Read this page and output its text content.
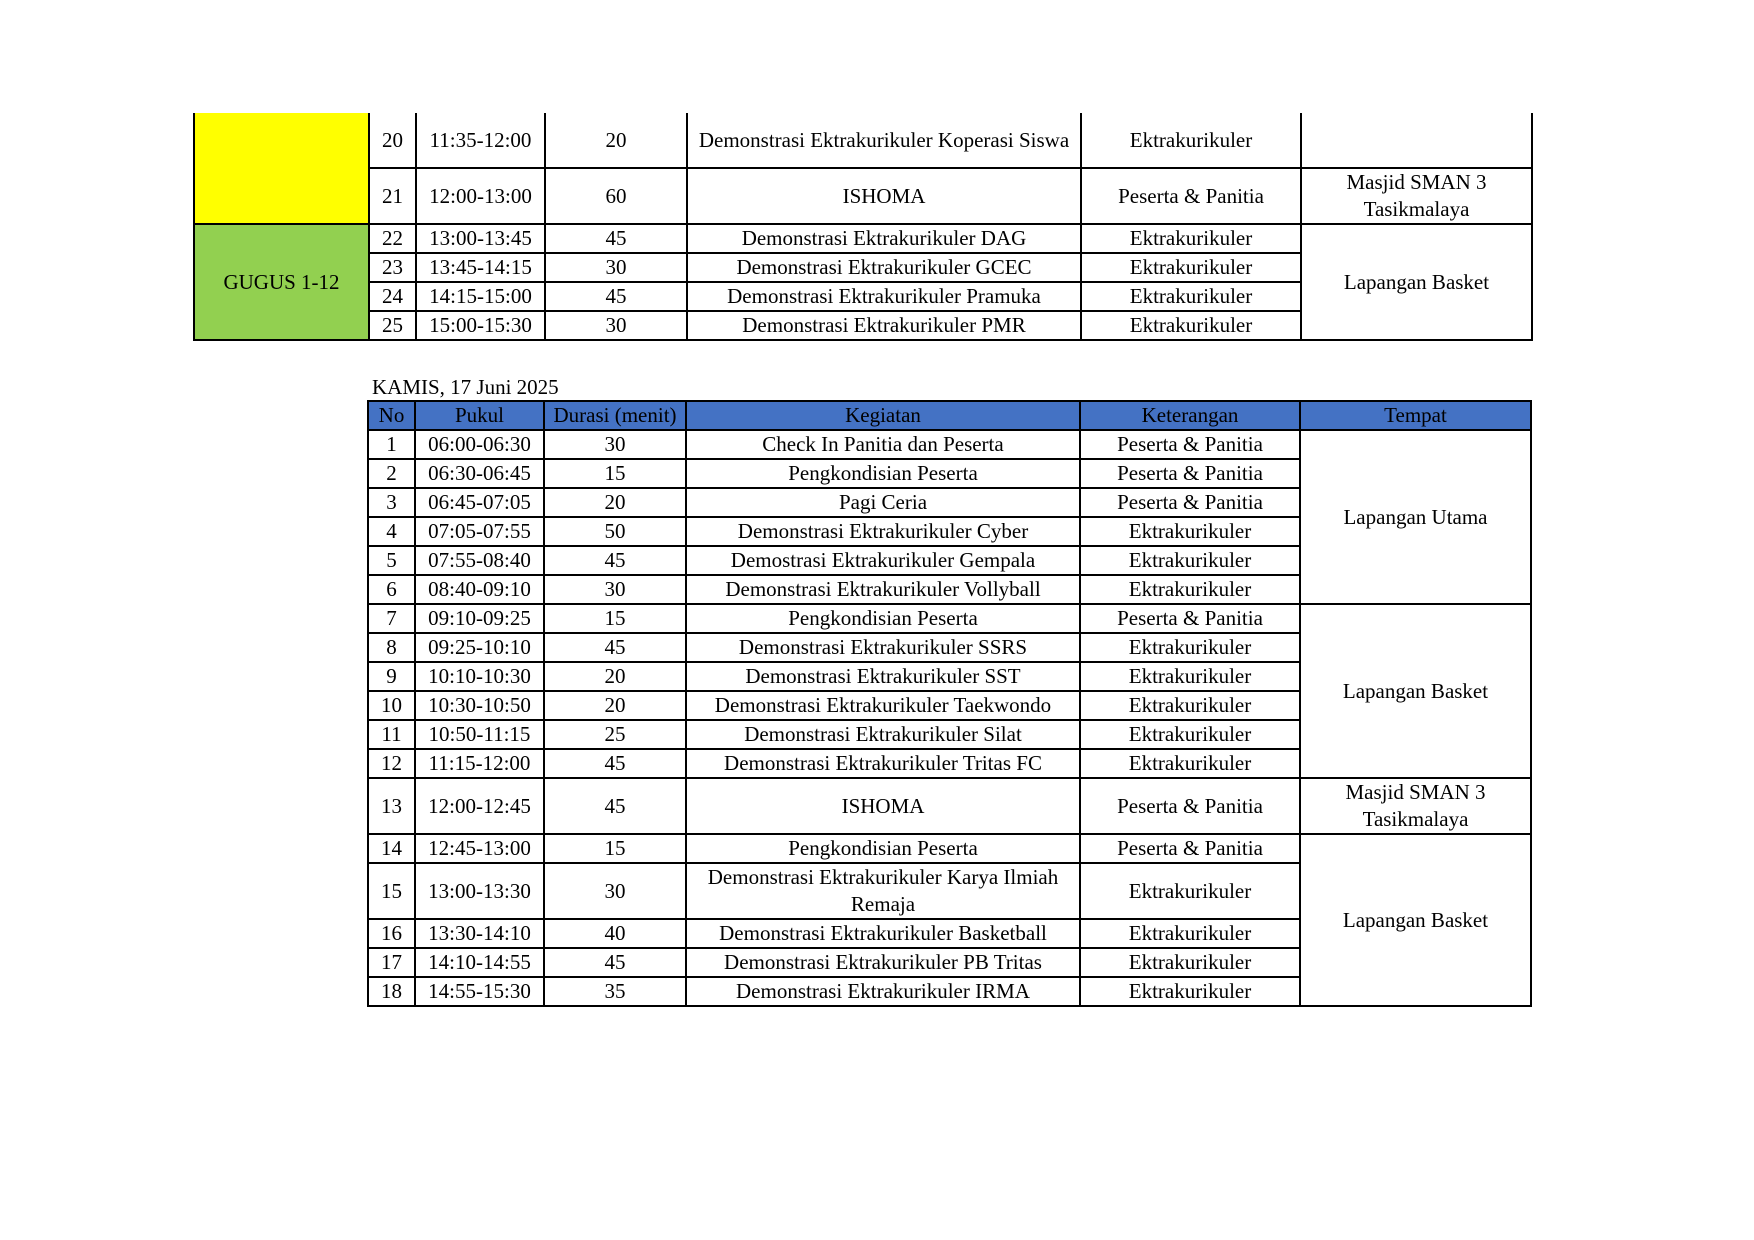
	20	11:35-12:00	20	Demonstrasi Ektrakurikuler Koperasi Siswa	Ektrakurikuler	
	21	12:00-13:00	60	ISHOMA	Peserta & Panitia	Masjid SMAN 3 Tasikmalaya
GUGUS 1-12	22	13:00-13:45	45	Demonstrasi Ektrakurikuler DAG	Ektrakurikuler	Lapangan Basket
	23	13:45-14:15	30	Demonstrasi Ektrakurikuler GCEC	Ektrakurikuler	
	24	14:15-15:00	45	Demonstrasi Ektrakurikuler Pramuka	Ektrakurikuler	
	25	15:00-15:30	30	Demonstrasi Ektrakurikuler PMR	Ektrakurikuler	
KAMIS, 17 Juni 2025
No	Pukul	Durasi (menit)	Kegiatan	Keterangan	Tempat
1	06:00-06:30	30	Check In Panitia dan Peserta	Peserta & Panitia	Lapangan Utama
2	06:30-06:45	15	Pengkondisian Peserta	Peserta & Panitia	
3	06:45-07:05	20	Pagi Ceria	Peserta & Panitia	
4	07:05-07:55	50	Demonstrasi Ektrakurikuler Cyber	Ektrakurikuler	
5	07:55-08:40	45	Demostrasi Ektrakurikuler Gempala	Ektrakurikuler	
6	08:40-09:10	30	Demonstrasi Ektrakurikuler Vollyball	Ektrakurikuler	
7	09:10-09:25	15	Pengkondisian Peserta	Peserta & Panitia	Lapangan Basket
8	09:25-10:10	45	Demonstrasi Ektrakurikuler SSRS	Ektrakurikuler	
9	10:10-10:30	20	Demonstrasi Ektrakurikuler SST	Ektrakurikuler	
10	10:30-10:50	20	Demonstrasi Ektrakurikuler Taekwondo	Ektrakurikuler	
11	10:50-11:15	25	Demonstrasi Ektrakurikuler Silat	Ektrakurikuler	
12	11:15-12:00	45	Demonstrasi Ektrakurikuler Tritas FC	Ektrakurikuler	
13	12:00-12:45	45	ISHOMA	Peserta & Panitia	Masjid SMAN 3 Tasikmalaya
14	12:45-13:00	15	Pengkondisian Peserta	Peserta & Panitia	Lapangan Basket
15	13:00-13:30	30	Demonstrasi Ektrakurikuler Karya Ilmiah Remaja	Ektrakurikuler	
16	13:30-14:10	40	Demonstrasi Ektrakurikuler Basketball	Ektrakurikuler	
17	14:10-14:55	45	Demonstrasi Ektrakurikuler PB Tritas	Ektrakurikuler	
18	14:55-15:30	35	Demonstrasi Ektrakurikuler IRMA	Ektrakurikuler	
